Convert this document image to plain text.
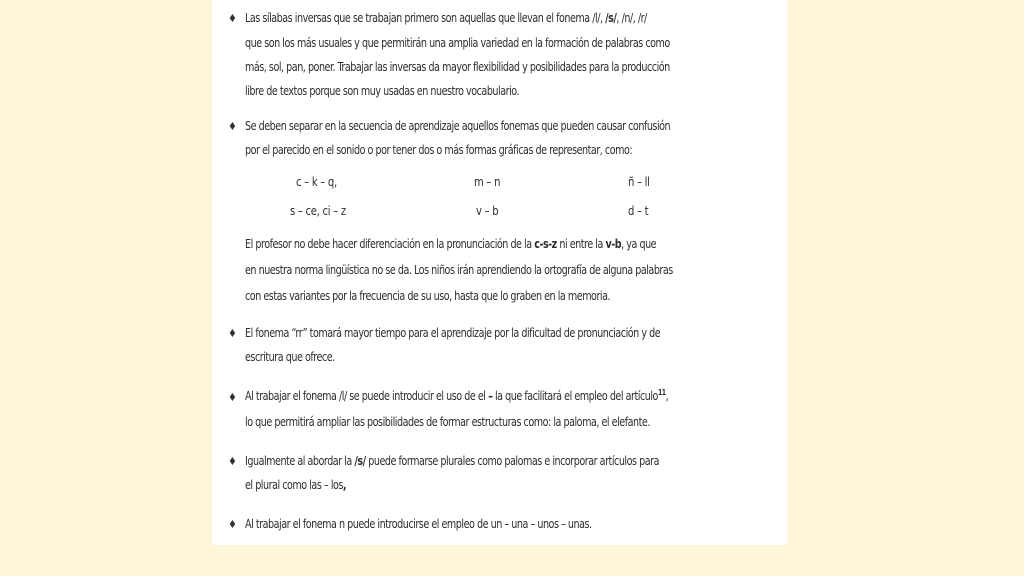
♦ Las sílabas inversas que se trabajan primero son aquellas que llevan el fonema /l/, /s/, /n/, /r/
que son los más usuales y que permitirán una amplia variedad en la formación de palabras como
más, sol, pan, poner. Trabajar las inversas da mayor flexibilidad y posibilidades para la producción
libre de textos porque son muy usadas en nuestro vocabulario.
♦ Se deben separar en la secuencia de aprendizaje aquellos fonemas que pueden causar confusión
por el parecido en el sonido o por tener dos o más formas gráficas de representar, como:
c – k – q,	m – n	ñ – ll
s – ce, ci – z	v – b	d – t
El profesor no debe hacer diferenciación en la pronunciación de la c-s-z ni entre la v-b, ya que
en nuestra norma lingüística no se da. Los niños irán aprendiendo la ortografía de alguna palabras
con estas variantes por la frecuencia de su uso, hasta que lo graben en la memoria.
♦ El fonema “rr” tomará mayor tiempo para el aprendizaje por la dificultad de pronunciación y de
escritura que ofrece.
♦ Al trabajar el fonema /l/ se puede introducir el uso de el – la que facilitará el empleo del artículo$^{11}$,
lo que permitirá ampliar las posibilidades de formar estructuras como: la paloma, el elefante.
♦ Igualmente al abordar la /s/ puede formarse plurales como palomas e incorporar artículos para
el plural como las – los,
♦ Al trabajar el fonema n puede introducirse el empleo de un – una – unos – unas.
